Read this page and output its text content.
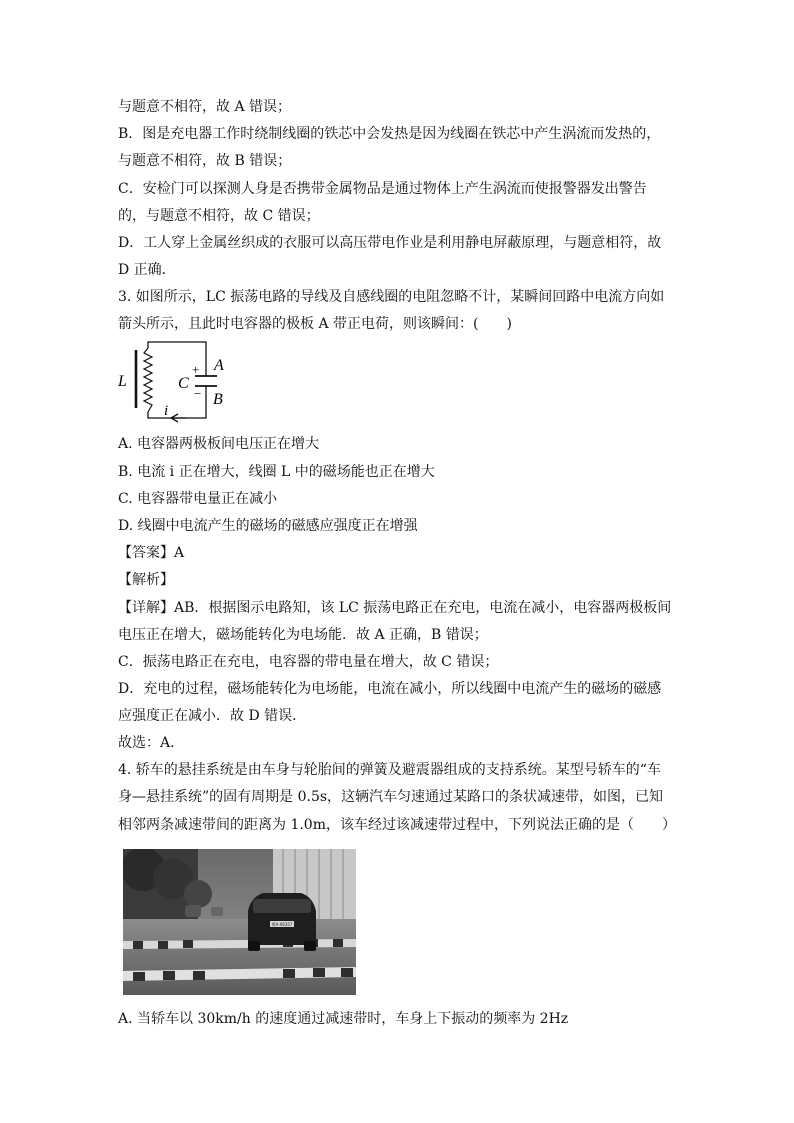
与题意不相符，故 A 错误；
B．图是充电器工作时绕制线圈的铁芯中会发热是因为线圈在铁芯中产生涡流而发热的，
与题意不相符，故 B 错误；
C．安检门可以探测人身是否携带金属物品是通过物体上产生涡流而使报警器发出警告
的，与题意不相符，故 C 错误；
D．工人穿上金属丝织成的衣服可以高压带电作业是利用静电屏蔽原理，与题意相符，故
D 正确．
3. 如图所示，LC 振荡电路的导线及自感线圈的电阻忽略不计，某瞬间回路中电流方向如
箭头所示，且此时电容器的极板 A 带正电荷，则该瞬间：(　　)
L	C
+
−
A
B
i
A. 电容器两极板间电压正在增大
B. 电流 i 正在增大，线圈 L 中的磁场能也正在增大
C. 电容器带电量正在减小
D. 线圈中电流产生的磁场的磁感应强度正在增强
【答案】A
【解析】
【详解】AB．根据图示电路知，该 LC 振荡电路正在充电，电流在减小，电容器两极板间
电压正在增大，磁场能转化为电场能．故 A 正确，B 错误；
C．振荡电路正在充电，电容器的带电量在增大，故 C 错误；
D．充电的过程，磁场能转化为电场能，电流在减小，所以线圈中电流产生的磁场的磁感
应强度正在减小．故 D 错误．
故选：A.
4. 轿车的悬挂系统是由车身与轮胎间的弹簧及避震器组成的支持系统。某型号轿车的“车
身—悬挂系统”的固有周期是 0.5s，这辆汽车匀速通过某路口的条状减速带，如图，已知
相邻两条减速带间的距离为 1.0m，该车经过该减速带过程中，下列说法正确的是（　　）
粤A·X6357
A. 当轿车以 30km/h 的速度通过减速带时，车身上下振动的频率为 2Hz
